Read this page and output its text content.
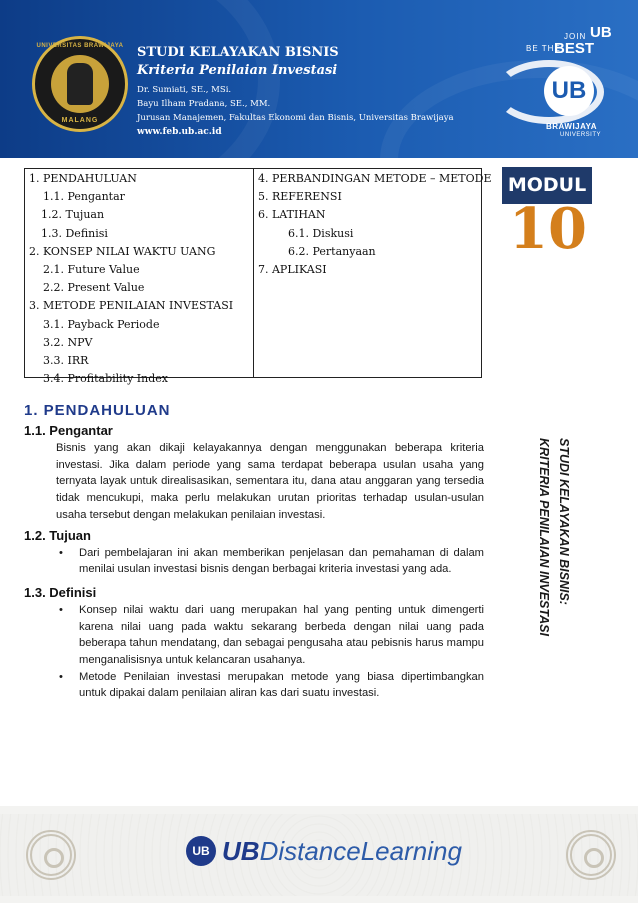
UNIVERSITAS BRAWIJAYA
MALANG
STUDI KELAYAKAN BISNIS
Kriteria Penilaian Investasi
Dr. Sumiati, SE., MSi.
Bayu Ilham Pradana, SE., MM.
Jurusan Manajemen, Fakultas Ekonomi dan Bisnis, Universitas Brawijaya
www.feb.ub.ac.id
JOIN UB
BE THE
BEST
UB
BRAWIJAYA
UNIVERSITY
1. PENDAHULUAN
1.1. Pengantar
1.2. Tujuan
1.3. Definisi
2. KONSEP NILAI WAKTU UANG
2.1. Future Value
2.2. Present Value
3. METODE PENILAIAN INVESTASI
3.1. Payback Periode
3.2. NPV
3.3. IRR
3.4. Profitability Index
4. PERBANDINGAN METODE – METODE
5. REFERENSI
6. LATIHAN
6.1. Diskusi
6.2. Pertanyaan
7. APLIKASI
MODUL
10
1. PENDAHULUAN
1.1. Pengantar
Bisnis yang akan dikaji kelayakannya dengan menggunakan beberapa kriteria investasi. Jika dalam periode yang sama terdapat beberapa usulan usaha yang ternyata layak untuk direalisasikan, sementara itu, dana atau anggaran yang tersedia tidak mencukupi, maka perlu melakukan urutan prioritas terhadap usulan-usulan usaha tersebut dengan melakukan penilaian investasi.
1.2. Tujuan
• Dari pembelajaran ini akan memberikan penjelasan dan pemahaman di dalam menilai usulan investasi bisnis dengan berbagai kriteria investasi yang ada.
1.3. Definisi
• Konsep nilai waktu dari uang merupakan hal yang penting untuk dimengerti karena nilai uang pada waktu sekarang berbeda dengan nilai uang pada beberapa tahun mendatang, dan sebagai pengusaha atau pebisnis harus mampu menganalisisnya untuk kelancaran usahanya.
• Metode Penilaian investasi merupakan metode yang biasa dipertimbangkan untuk dipakai dalam penilaian aliran kas dari suatu investasi.
STUDI KELAYAKAN BISNIS:
KRITERIA PENILAIAN INVESTASI
UB UBDistanceLearning
